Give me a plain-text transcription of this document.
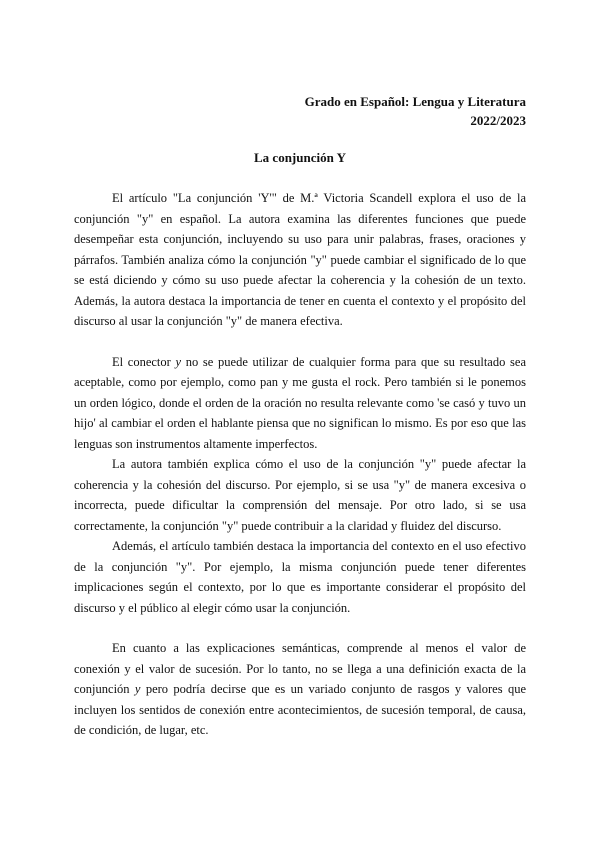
Grado en Español: Lengua y Literatura
2022/2023
La conjunción Y

El artículo "La conjunción 'Y'" de M.ª Victoria Scandell explora el uso de la conjunción "y" en español. La autora examina las diferentes funciones que puede desempeñar esta conjunción, incluyendo su uso para unir palabras, frases, oraciones y párrafos. También analiza cómo la conjunción "y" puede cambiar el significado de lo que se está diciendo y cómo su uso puede afectar la coherencia y la cohesión de un texto. Además, la autora destaca la importancia de tener en cuenta el contexto y el propósito del discurso al usar la conjunción "y" de manera efectiva.

El conector y no se puede utilizar de cualquier forma para que su resultado sea aceptable, como por ejemplo, como pan y me gusta el rock. Pero también si le ponemos un orden lógico, donde el orden de la oración no resulta relevante como 'se casó y tuvo un hijo' al cambiar el orden el hablante piensa que no significan lo mismo. Es por eso que las lenguas son instrumentos altamente imperfectos.

La autora también explica cómo el uso de la conjunción "y" puede afectar la coherencia y la cohesión del discurso. Por ejemplo, si se usa "y" de manera excesiva o incorrecta, puede dificultar la comprensión del mensaje. Por otro lado, si se usa correctamente, la conjunción "y" puede contribuir a la claridad y fluidez del discurso.

Además, el artículo también destaca la importancia del contexto en el uso efectivo de la conjunción "y". Por ejemplo, la misma conjunción puede tener diferentes implicaciones según el contexto, por lo que es importante considerar el propósito del discurso y el público al elegir cómo usar la conjunción.

En cuanto a las explicaciones semánticas, comprende al menos el valor de conexión y el valor de sucesión. Por lo tanto, no se llega a una definición exacta de la conjunción y pero podría decirse que es un variado conjunto de rasgos y valores que incluyen los sentidos de conexión entre acontecimientos, de sucesión temporal, de causa, de condición, de lugar, etc.
